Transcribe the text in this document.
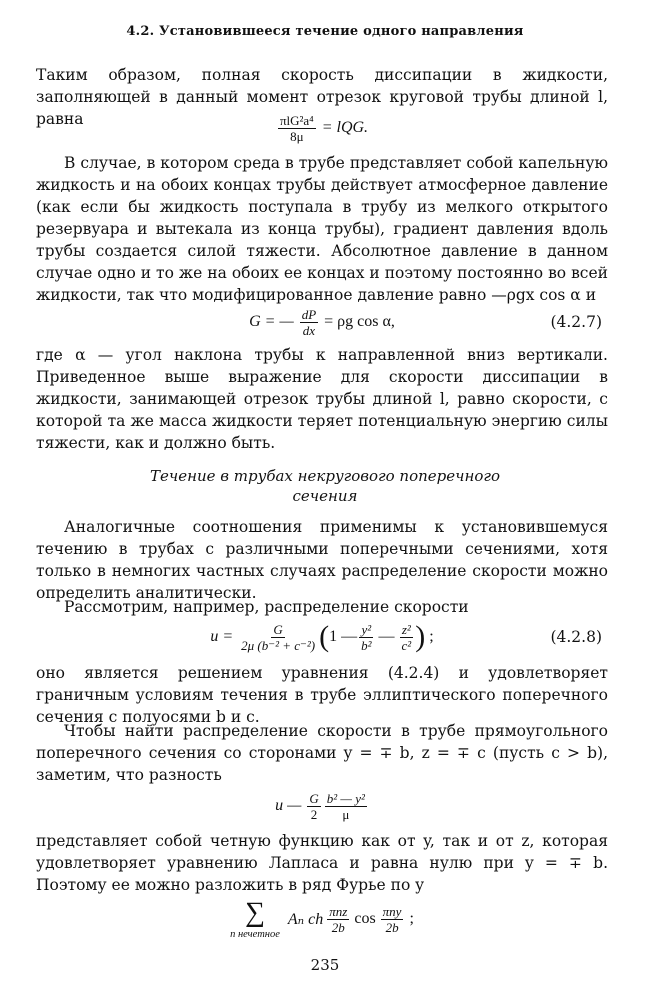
4.2. Установившееся течение одного направления

Таким образом, полная скорость диссипации в жидкости, заполняющей в данный момент отрезок круговой трубы длиной l, равна	$\frac{\text{πlG²a⁴}}{8\mu}$ = lQG.

В случае, в котором среда в трубе представляет собой капельную жидкость и на обоих концах трубы действует атмосферное давление (как если бы жидкость поступала в трубу из мелкого открытого резервуара и вытекала из конца трубы), градиент давления вдоль трубы создается силой тяжести. Абсолютное давление в данном случае одно и то же на обоих ее концах и поэтому постоянно во всей жидкости, так что модифицированное давление равно —ρgx cos α и

G = — $\frac{dP}{dx} = \rho g$ cos α,	(4.2.7)

где α — угол наклона трубы к направленной вниз вертикали. Приведенное выше выражение для скорости диссипации в жидкости, занимающей отрезок трубы длиной l, равно скорости, с которой та же масса жидкости теряет потенциальную энергию силы тяжести, как и должно быть.

Течение в трубах некругового поперечного
сечения

Аналогичные соотношения применимы к установившемуся течению в трубах с различными поперечными сечениями, хотя только в немногих частных случаях распределение скорости можно определить аналитически.

Рассмотрим, например, распределение скорости

$u = \frac{G}{\text{2μ (b⁻² + c⁻²)}}$ ( 1 — $\frac{\text{y²}}{\text{b²}}$ — $\frac{\text{z²}}{\text{c²}}$ ) ;	(4.2.8)

оно является решением уравнения (4.2.4) и удовлетворяет граничным условиям течения в трубе эллиптического поперечного сечения с полуосями b и c.

Чтобы найти распределение скорости в трубе прямоугольного поперечного сечения со сторонами y = ∓ b, z = ∓ c (пусть c > b), заметим, что разность

u — $\frac{G}{2} \frac{\text{b² — y²}}{\mu}$

представляет собой четную функцию как от y, так и от z, которая удовлетворяет уравнению Лапласа и равна нулю при y = ∓ b. Поэтому ее можно разложить в ряд Фурье по y

∑
n нечетное
Aₙ ch $\frac{\text{πnz}}{2b}$ $\cos \frac{\text{πny}}{2b}$ ;
235
